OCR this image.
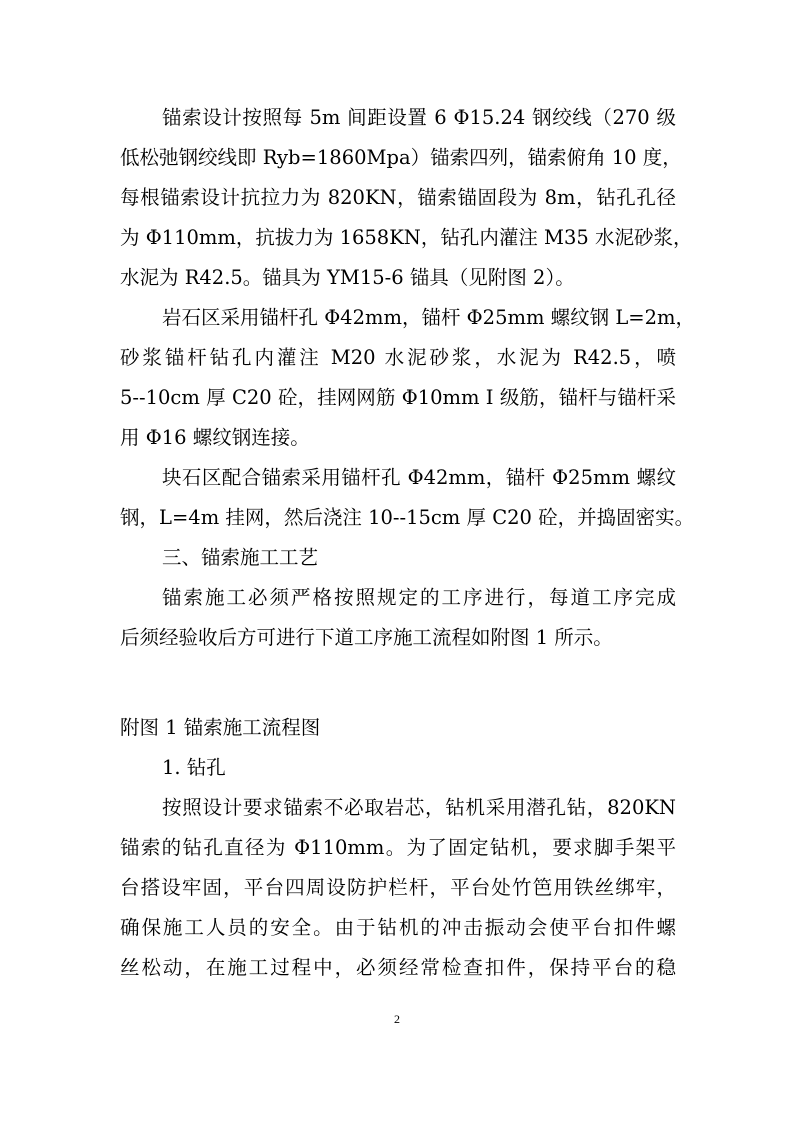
锚索设计按照每 5m 间距设置 6 Φ15.24 钢绞线（270 级
低松弛钢绞线即 Ryb=1860Mpa）锚索四列，锚索俯角 10 度，
每根锚索设计抗拉力为 820KN，锚索锚固段为 8m，钻孔孔径
为 Φ110mm，抗拔力为 1658KN，钻孔内灌注 M35 水泥砂浆，
水泥为 R42.5。锚具为 YM15-6 锚具（见附图 2）。
岩石区采用锚杆孔 Φ42mm，锚杆 Φ25mm 螺纹钢 L=2m，
砂浆锚杆钻孔内灌注 M20 水泥砂浆，水泥为 R42.5，喷
5--10cm 厚 C20 砼，挂网网筋 Φ10mm Ⅰ 级筋，锚杆与锚杆采
用 Φ16 螺纹钢连接。
块石区配合锚索采用锚杆孔 Φ42mm，锚杆 Φ25mm 螺纹
钢，L=4m 挂网，然后浇注 10--15cm 厚 C20 砼，并捣固密实。
三、锚索施工工艺
锚索施工必须严格按照规定的工序进行，每道工序完成
后须经验收后方可进行下道工序施工流程如附图 1 所示。
附图 1 锚索施工流程图
1. 钻孔
按照设计要求锚索不必取岩芯，钻机采用潜孔钻，820KN
锚索的钻孔直径为 Φ110mm。为了固定钻机，要求脚手架平
台搭设牢固，平台四周设防护栏杆，平台处竹笆用铁丝绑牢，
确保施工人员的安全。由于钻机的冲击振动会使平台扣件螺
丝松动，在施工过程中，必须经常检查扣件，保持平台的稳
2
